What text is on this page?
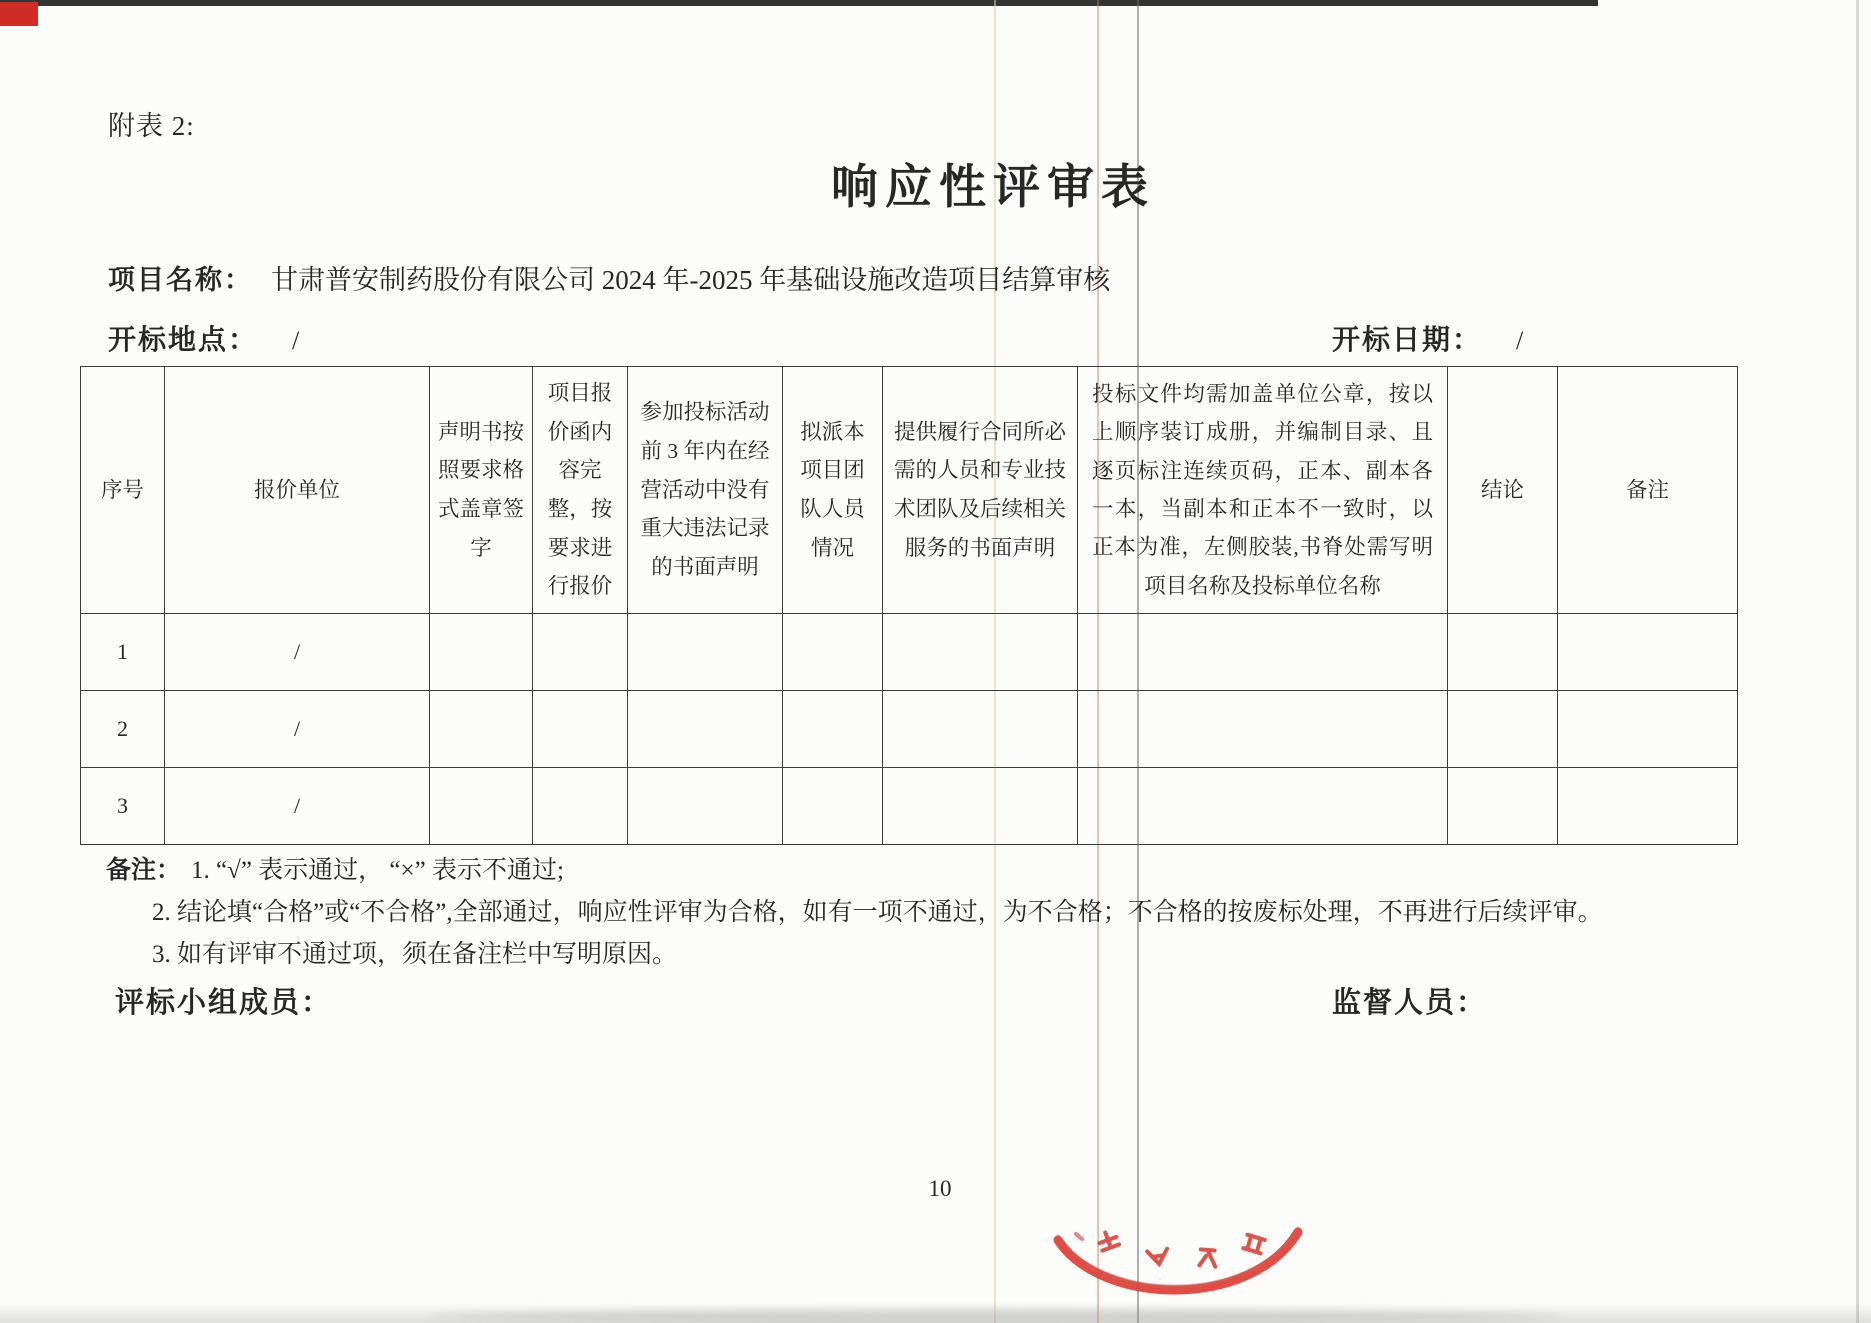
附表 2:
响应性评审表
项目名称： 甘肃普安制药股份有限公司 2024 年-2025 年基础设施改造项目结算审核
开标地点： /	开标日期： /
序号	报价单位	声明书按照要求格式盖章签字	项目报价函内容完整，按要求进行报价	参加投标活动前 3 年内在经营活动中没有重大违法记录的书面声明	拟派本项目团队人员情况	提供履行合同所必需的人员和专业技术团队及后续相关服务的书面声明	投标文件均需加盖单位公章，按以上顺序装订成册，并编制目录、且逐页标注连续页码，正本、副本各一本，当副本和正本不一致时，以正本为准，左侧胶装,书脊处需写明项目名称及投标单位名称	结论	备注

1	/								
2	/								
3	/								
备注： 1. “√” 表示通过， “×” 表示不通过;
2. 结论填“合格”或“不合格”,全部通过，响应性评审为合格，如有一项不通过，为不合格；不合格的按废标处理，不再进行后续评审。
3. 如有评审不通过项，须在备注栏中写明原因。
评标小组成员：	监督人员：
10
